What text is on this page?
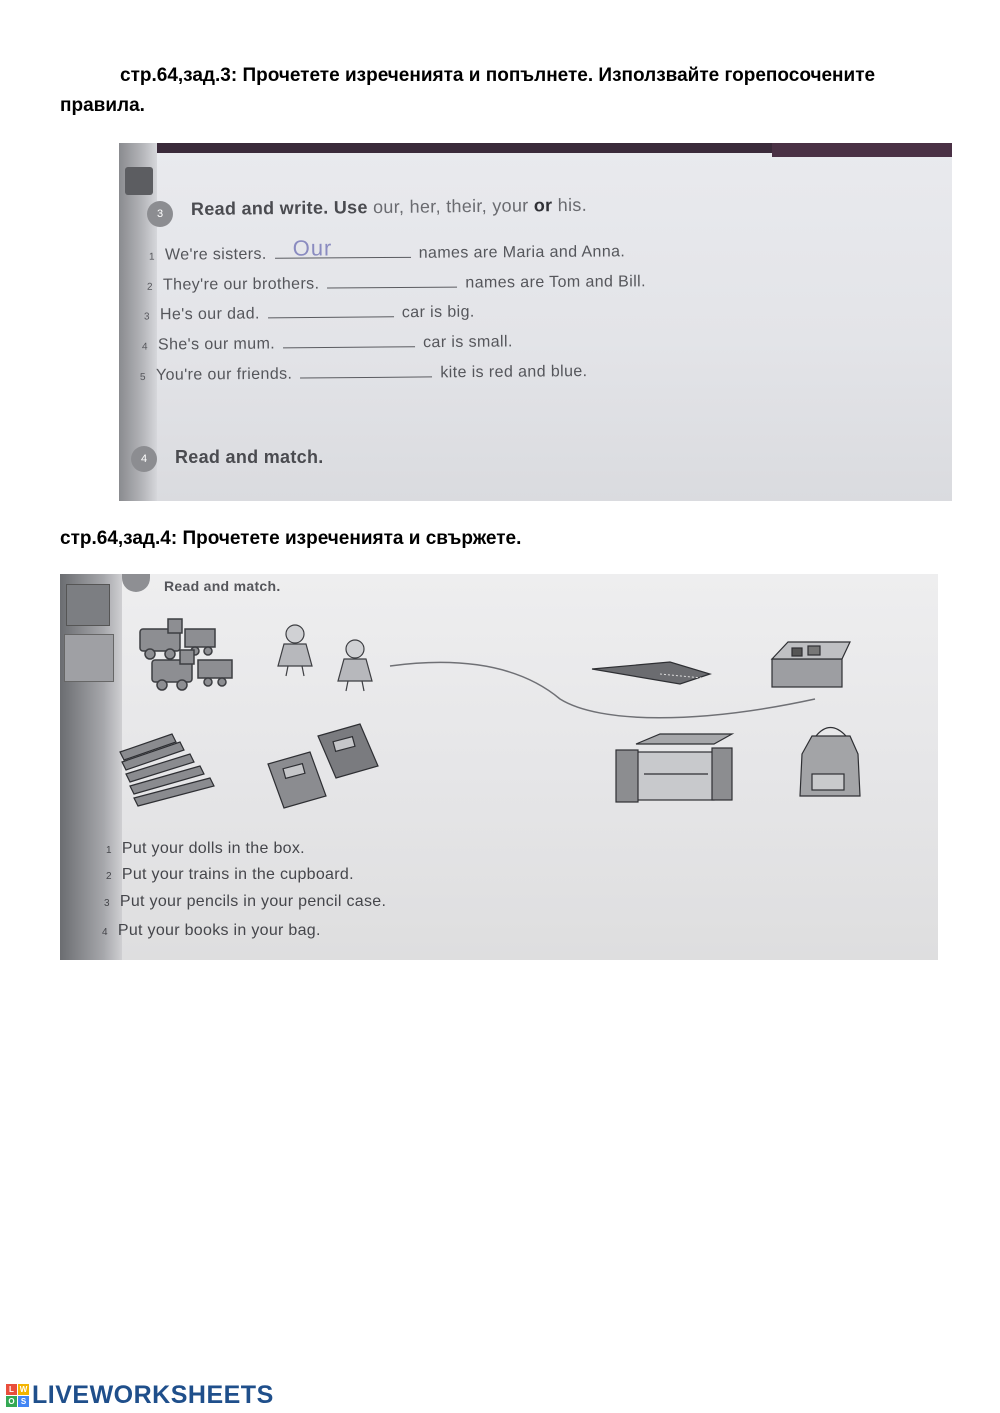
стр.64,зад.3: Прочетете изреченията и попълнете. Използвайте горепосочените правила.
3	Read and write. Use our, her, their, your or his.
1 We're sisters. Our	names are Maria and Anna.
2 They're our brothers.	names are Tom and Bill.
3 He's our dad.	car is big.
4 She's our mum.	car is small.
5 You're our friends.	kite is red and blue.
4	Read and match.
стр.64,зад.4: Прочетете изреченията и свържете.
Read and match.
1 Put your dolls in the box.
2 Put your trains in the cupboard.
3 Put your pencils in your pencil case.
4 Put your books in your bag.
L W
O S LIVEWORKSHEETS
